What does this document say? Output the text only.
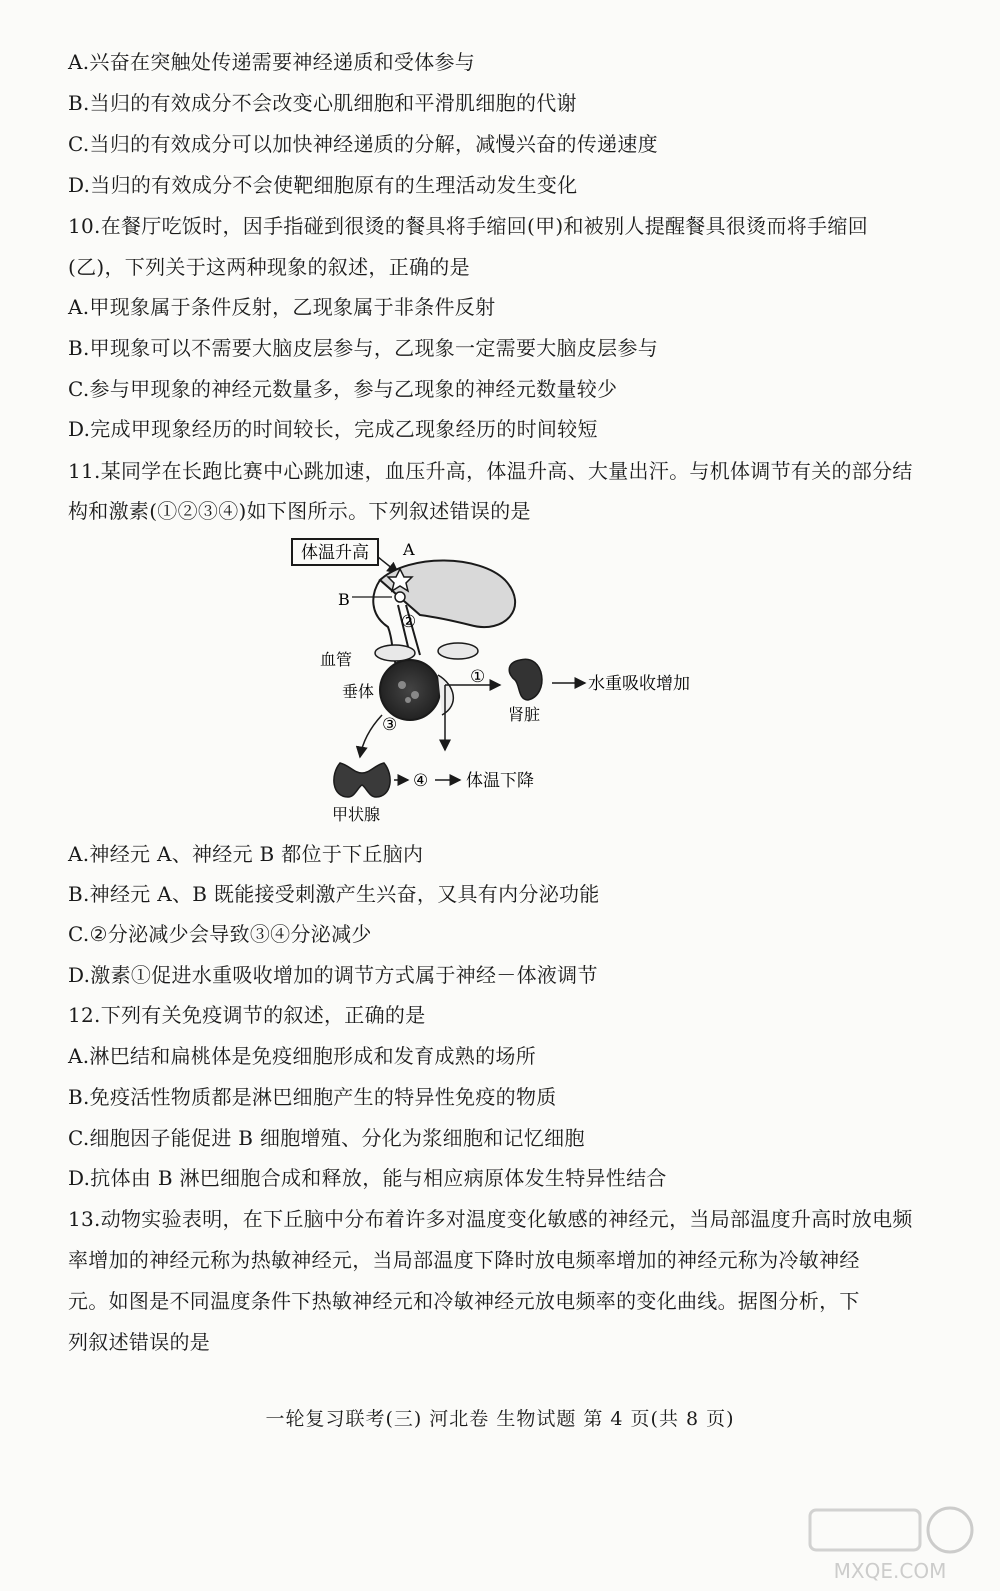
A.兴奋在突触处传递需要神经递质和受体参与
B.当归的有效成分不会改变心肌细胞和平滑肌细胞的代谢
C.当归的有效成分可以加快神经递质的分解，减慢兴奋的传递速度
D.当归的有效成分不会使靶细胞原有的生理活动发生变化
10.在餐厅吃饭时，因手指碰到很烫的餐具将手缩回(甲)和被别人提醒餐具很烫而将手缩回
(乙)，下列关于这两种现象的叙述，正确的是
A.甲现象属于条件反射，乙现象属于非条件反射
B.甲现象可以不需要大脑皮层参与，乙现象一定需要大脑皮层参与
C.参与甲现象的神经元数量多，参与乙现象的神经元数量较少
D.完成甲现象经历的时间较长，完成乙现象经历的时间较短
11.某同学在长跑比赛中心跳加速，血压升高，体温升高、大量出汗。与机体调节有关的部分结
构和激素(①②③④)如下图所示。下列叙述错误的是
体温升高 A
B
②
血管
垂体
①
肾脏
水重吸收增加
③
甲状腺
④ 体温下降
A.神经元 A、神经元 B 都位于下丘脑内
B.神经元 A、B 既能接受刺激产生兴奋，又具有内分泌功能
C.②分泌减少会导致③④分泌减少
D.激素①促进水重吸收增加的调节方式属于神经－体液调节
12.下列有关免疫调节的叙述，正确的是
A.淋巴结和扁桃体是免疫细胞形成和发育成熟的场所
B.免疫活性物质都是淋巴细胞产生的特异性免疫的物质
C.细胞因子能促进 B 细胞增殖、分化为浆细胞和记忆细胞
D.抗体由 B 淋巴细胞合成和释放，能与相应病原体发生特异性结合
13.动物实验表明，在下丘脑中分布着许多对温度变化敏感的神经元，当局部温度升高时放电频
率增加的神经元称为热敏神经元，当局部温度下降时放电频率增加的神经元称为冷敏神经
元。如图是不同温度条件下热敏神经元和冷敏神经元放电频率的变化曲线。据图分析，下
列叙述错误的是
一轮复习联考(三) 河北卷 生物试题 第 4 页(共 8 页)
MXQE.COM
